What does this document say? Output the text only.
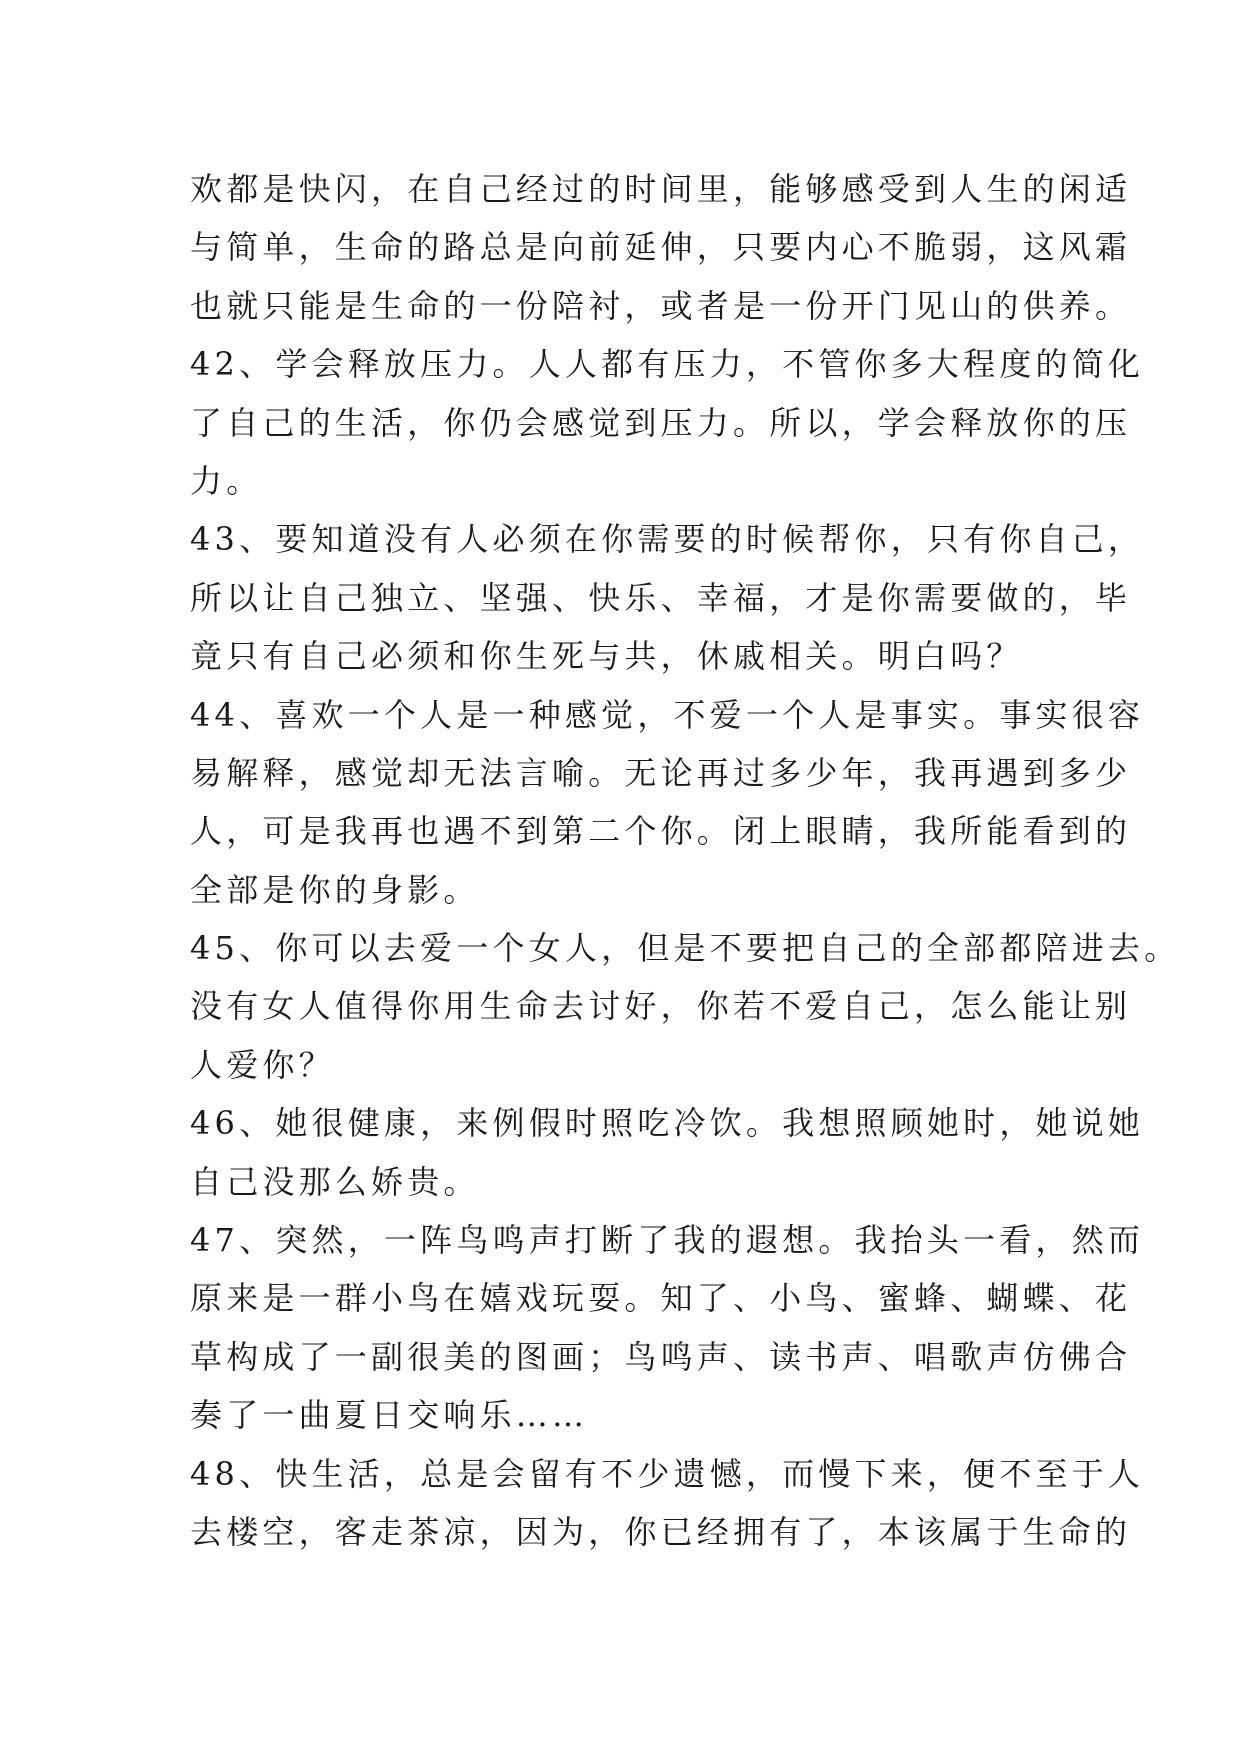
欢都是快闪，在自己经过的时间里，能够感受到人生的闲适
与简单，生命的路总是向前延伸，只要内心不脆弱，这风霜
也就只能是生命的一份陪衬，或者是一份开门见山的供养。
42、学会释放压力。人人都有压力，不管你多大程度的简化
了自己的生活，你仍会感觉到压力。所以，学会释放你的压
力。
43、要知道没有人必须在你需要的时候帮你，只有你自己，
所以让自己独立、坚强、快乐、幸福，才是你需要做的，毕
竟只有自己必须和你生死与共，休戚相关。明白吗？
44、喜欢一个人是一种感觉，不爱一个人是事实。事实很容
易解释，感觉却无法言喻。无论再过多少年，我再遇到多少
人，可是我再也遇不到第二个你。闭上眼睛，我所能看到的
全部是你的身影。
45、你可以去爱一个女人，但是不要把自己的全部都陪进去。
没有女人值得你用生命去讨好，你若不爱自己，怎么能让别
人爱你？
46、她很健康，来例假时照吃冷饮。我想照顾她时，她说她
自己没那么娇贵。
47、突然，一阵鸟鸣声打断了我的遐想。我抬头一看，然而
原来是一群小鸟在嬉戏玩耍。知了、小鸟、蜜蜂、蝴蝶、花
草构成了一副很美的图画；鸟鸣声、读书声、唱歌声仿佛合
奏了一曲夏日交响乐……
48、快生活，总是会留有不少遗憾，而慢下来，便不至于人
去楼空，客走茶凉，因为，你已经拥有了，本该属于生命的
